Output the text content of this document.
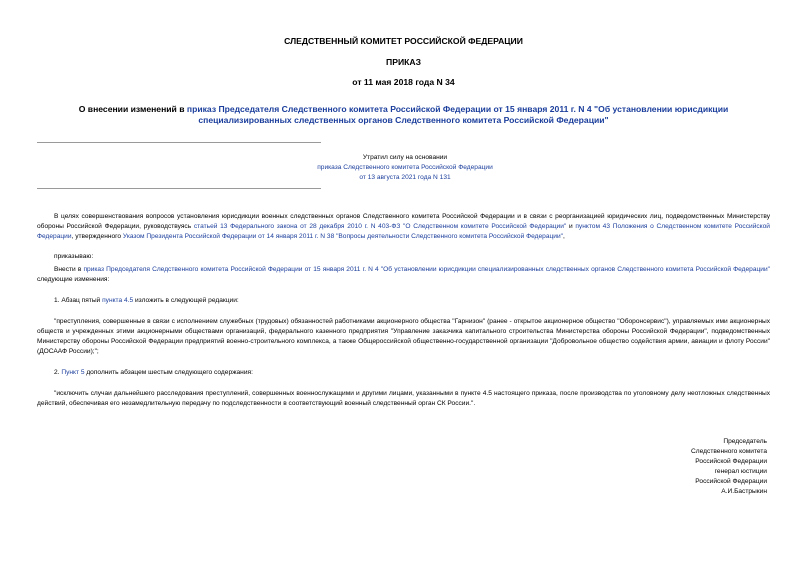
СЛЕДСТВЕННЫЙ КОМИТЕТ РОССИЙСКОЙ ФЕДЕРАЦИИ
ПРИКАЗ
от 11 мая 2018 года N 34
О внесении изменений в приказ Председателя Следственного комитета Российской Федерации от 15 января 2011 г. N 4 "Об установлении юрисдикции специализированных следственных органов Следственного комитета Российской Федерации"
Утратил силу на основании
приказа Следственного комитета Российской Федерации
от 13 августа 2021 года N 131
В целях совершенствования вопросов установления юрисдикции военных следственных органов Следственного комитета Российской Федерации и в связи с реорганизацией юридических лиц, подведомственных Министерству обороны Российской Федерации, руководствуясь статьей 13 Федерального закона от 28 декабря 2010 г. N 403-ФЗ "О Следственном комитете Российской Федерации" и пунктом 43 Положения о Следственном комитете Российской Федерации, утвержденного Указом Президента Российской Федерации от 14 января 2011 г. N 38 "Вопросы деятельности Следственного комитета Российской Федерации",
приказываю:
Внести в приказ Председателя Следственного комитета Российской Федерации от 15 января 2011 г. N 4 "Об установлении юрисдикции специализированных следственных органов Следственного комитета Российской Федерации" следующие изменения:
1. Абзац пятый пункта 4.5 изложить в следующей редакции:
"преступления, совершенные в связи с исполнением служебных (трудовых) обязанностей работниками акционерного общества "Гарнизон" (ранее - открытое акционерное общество "Оборонсервис"), управляемых ими акционерных обществ и учрежденных этими акционерными обществами организаций, федерального казенного предприятия "Управление заказчика капитального строительства Министерства обороны Российской Федерации", подведомственных Министерству обороны Российской Федерации предприятий военно-строительного комплекса, а также Общероссийской общественно-государственной организации "Добровольное общество содействия армии, авиации и флоту России" (ДОСААФ России);";
2. Пункт 5 дополнить абзацем шестым следующего содержания:
"исключить случаи дальнейшего расследования преступлений, совершенных военнослужащими и другими лицами, указанными в пункте 4.5 настоящего приказа, после производства по уголовному делу неотложных следственных действий, обеспечивая его незамедлительную передачу по подследственности в соответствующий военный следственный орган СК России.".
Председатель
Следственного комитета
Российской Федерации
генерал юстиции
Российской Федерации
А.И.Бастрыкин
